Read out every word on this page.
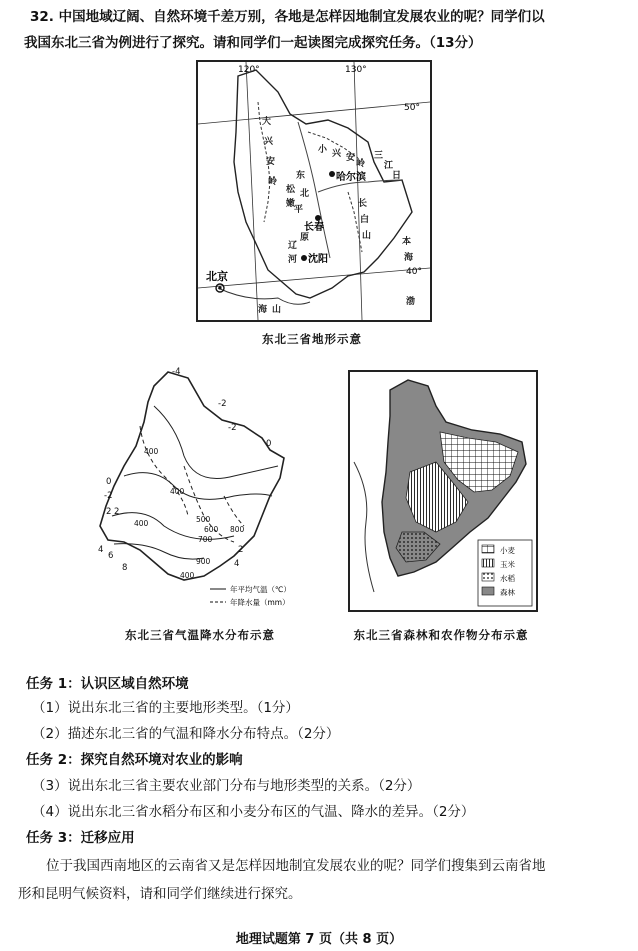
32. 中国地域辽阔、自然环境千差万别，各地是怎样因地制宜发展农业的呢？同学们以
我国东北三省为例进行了探究。请和同学们一起读图完成探究任务。（13分）
120°	130°
50°
40°
哈尔滨
长春
沈阳
北京
大
兴
安
岭
小 兴 安
岭
长
白
山
东
北
平
原
松
嫩
辽
河
三
江
日
本
海
渤
海 山
东北三省地形示意
-4
-2
-2
0
-2
2 2
4
6
8	4
2
0
400
400
400
500
600
700
800
900
400
年平均气温（℃）
年降水量（mm）
东北三省气温降水分布示意
小麦
玉米
水稻
森林
东北三省森林和农作物分布示意
任务 1：认识区域自然环境
（1）说出东北三省的主要地形类型。（1分）
（2）描述东北三省的气温和降水分布特点。（2分）
任务 2：探究自然环境对农业的影响
（3）说出东北三省主要农业部门分布与地形类型的关系。（2分）
（4）说出东北三省水稻分布区和小麦分布区的气温、降水的差异。（2分）
任务 3：迁移应用
位于我国西南地区的云南省又是怎样因地制宜发展农业的呢？同学们搜集到云南省地
形和昆明气候资料，请和同学们继续进行探究。
地理试题第 7 页（共 8 页）
